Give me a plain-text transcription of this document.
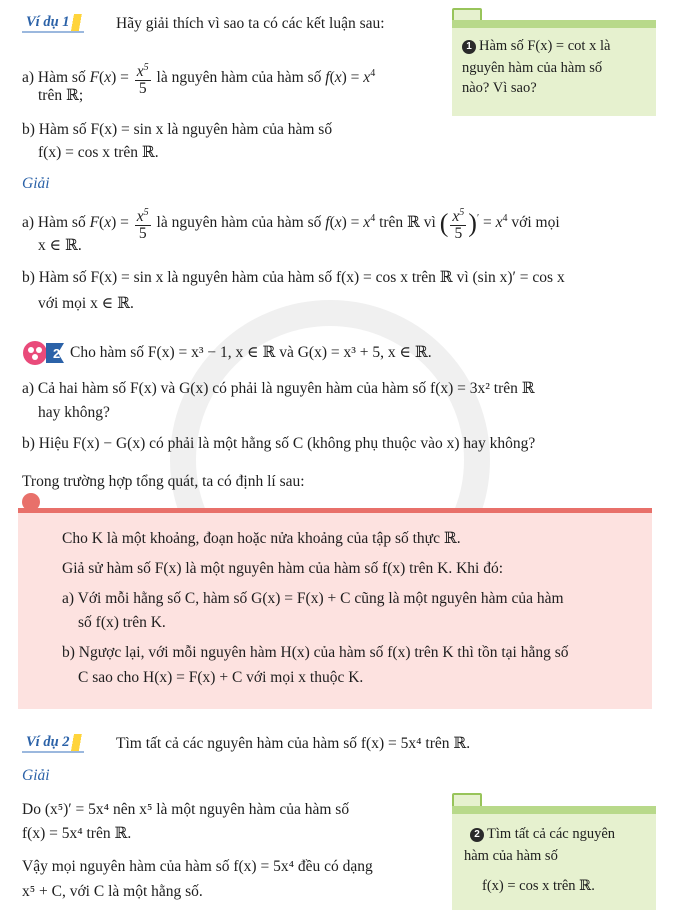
Ví dụ 1	Hãy giải thích vì sao ta có các kết luận sau:
a) Hàm số $F(x) = \frac{x^5}{5}$ là nguyên hàm của hàm số $f(x) = x^4$
trên ℝ;
b) Hàm số F(x) = sin x là nguyên hàm của hàm số
f(x) = cos x trên ℝ.
Giải
a) Hàm số $F(x) = \frac{x^5}{5}$ là nguyên hàm của hàm số $f(x) = x^4$ trên ℝ vì ( $\frac{x^5}{5} )' = x^4$ với mọi
x ∈ ℝ.
b) Hàm số F(x) = sin x là nguyên hàm của hàm số f(x) = cos x trên ℝ vì (sin x)′ = cos x
với mọi x ∈ ℝ.
1 Hàm số F(x) = cot x là
nguyên hàm của hàm số
nào? Vì sao?
2 Cho hàm số F(x) = x³ − 1, x ∈ ℝ và G(x) = x³ + 5, x ∈ ℝ.
a) Cả hai hàm số F(x) và G(x) có phải là nguyên hàm của hàm số f(x) = 3x² trên ℝ
hay không?
b) Hiệu F(x) − G(x) có phải là một hằng số C (không phụ thuộc vào x) hay không?
Trong trường hợp tổng quát, ta có định lí sau:
Cho K là một khoảng, đoạn hoặc nửa khoảng của tập số thực ℝ.
Giả sử hàm số F(x) là một nguyên hàm của hàm số f(x) trên K. Khi đó:
a) Với mỗi hằng số C, hàm số G(x) = F(x) + C cũng là một nguyên hàm của hàm
số f(x) trên K.
b) Ngược lại, với mỗi nguyên hàm H(x) của hàm số f(x) trên K thì tồn tại hằng số
C sao cho H(x) = F(x) + C với mọi x thuộc K.
Ví dụ 2	Tìm tất cả các nguyên hàm của hàm số f(x) = 5x⁴ trên ℝ.
Giải
Do (x⁵)′ = 5x⁴ nên x⁵ là một nguyên hàm của hàm số
f(x) = 5x⁴ trên ℝ.
Vậy mọi nguyên hàm của hàm số f(x) = 5x⁴ đều có dạng
x⁵ + C, với C là một hằng số.
2 Tìm tất cả các nguyên
hàm của hàm số
f(x) = cos x trên ℝ.
